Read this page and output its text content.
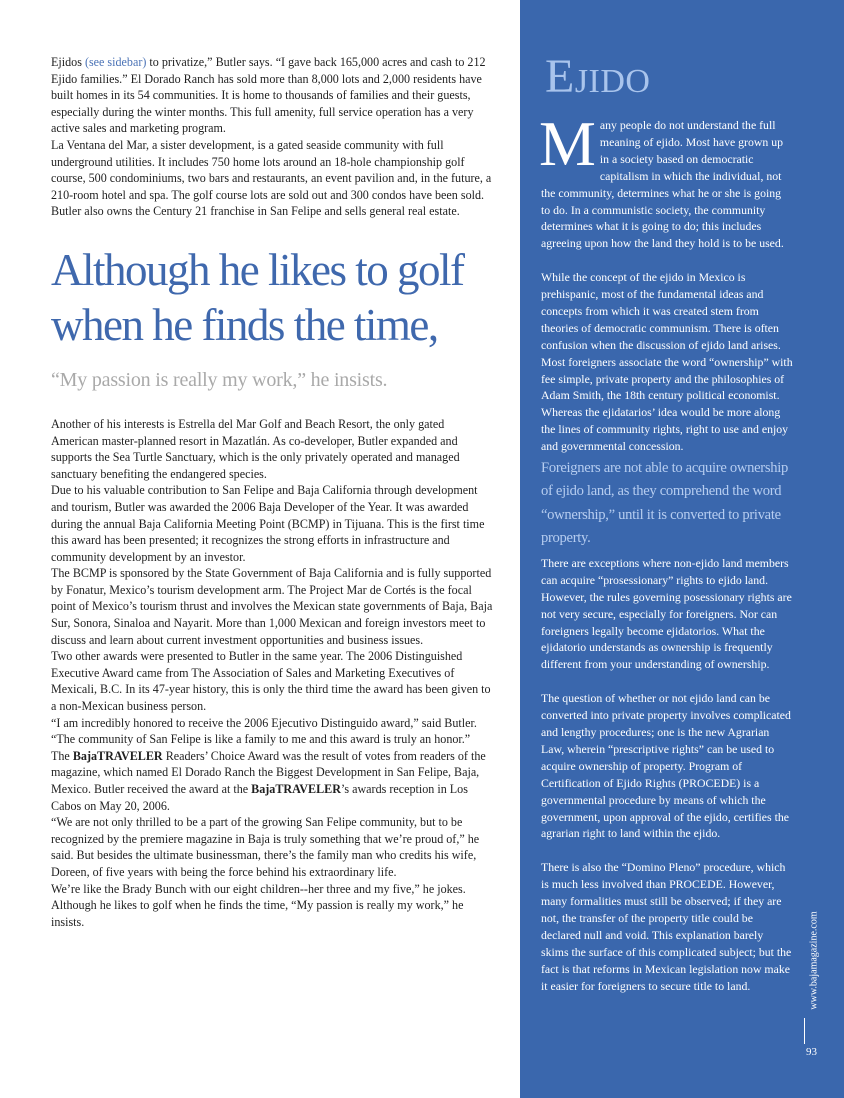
Ejidos (see sidebar) to privatize,” Butler says. “I gave back 165,000 acres and cash to 212 Ejido families.” El Dorado Ranch has sold more than 8,000 lots and 2,000 residents have built homes in its 54 communities. It is home to thousands of families and their guests, especially during the winter months. This full amenity, full service operation has a very active sales and marketing program.

La Ventana del Mar, a sister development, is a gated seaside community with full underground utilities. It includes 750 home lots around an 18-hole championship golf course, 500 condominiums, two bars and restaurants, an event pavilion and, in the future, a 210-room hotel and spa. The golf course lots are sold out and 300 condos have been sold. Butler also owns the Century 21 franchise in San Felipe and sells general real estate.

Although he likes to golf when he finds the time,
“My passion is really my work,” he insists.

Another of his interests is Estrella del Mar Golf and Beach Resort, the only gated American master-planned resort in Mazatlán. As co-developer, Butler expanded and supports the Sea Turtle Sanctuary, which is the only privately operated and managed sanctuary benefiting the endangered species.

Due to his valuable contribution to San Felipe and Baja California through development and tourism, Butler was awarded the 2006 Baja Developer of the Year. It was awarded during the annual Baja California Meeting Point (BCMP) in Tijuana. This is the first time this award has been presented; it recognizes the strong efforts in infrastructure and community development by an investor.

The BCMP is sponsored by the State Government of Baja California and is fully supported by Fonatur, Mexico’s tourism development arm. The Project Mar de Cortés is the focal point of Mexico’s tourism thrust and involves the Mexican state governments of Baja, Baja Sur, Sonora, Sinaloa and Nayarit. More than 1,000 Mexican and foreign investors meet to discuss and learn about current investment opportunities and business issues.

Two other awards were presented to Butler in the same year. The 2006 Distinguished Executive Award came from The Association of Sales and Marketing Executives of Mexicali, B.C. In its 47-year history, this is only the third time the award has been given to a non-Mexican business person.

“I am incredibly honored to receive the 2006 Ejecutivo Distinguido award,” said Butler. “The community of San Felipe is like a family to me and this award is truly an honor.”

The BajaTRAVELER Readers’ Choice Award was the result of votes from readers of the magazine, which named El Dorado Ranch the Biggest Development in San Felipe, Baja, Mexico. Butler received the award at the BajaTRAVELER’s awards reception in Los Cabos on May 20, 2006.

“We are not only thrilled to be a part of the growing San Felipe community, but to be recognized by the premiere magazine in Baja is truly something that we’re proud of,” he said. But besides the ultimate businessman, there’s the family man who credits his wife, Doreen, of five years with being the force behind his extraordinary life.

We’re like the Brady Bunch with our eight children--her three and my five,” he jokes. Although he likes to golf when he finds the time, “My passion is really my work,” he insists.

Ejido

Many people do not understand the full meaning of ejido. Most have grown up in a society based on democratic capitalism in which the individual, not the community, determines what he or she is going to do. In a communistic society, the community determines what it is going to do; this includes agreeing upon how the land they hold is to be used.

While the concept of the ejido in Mexico is prehispanic, most of the fundamental ideas and concepts from which it was created stem from theories of democratic communism. There is often confusion when the discussion of ejido land arises. Most foreigners associate the word “ownership” with fee simple, private property and the philosophies of Adam Smith, the 18th century political economist. Whereas the ejidatarios’ idea would be more along the lines of community rights, right to use and enjoy and governmental concession.

Foreigners are not able to acquire ownership of ejido land, as they comprehend the word “ownership,” until it is converted to private property.

There are exceptions where non-ejido land members can acquire “prosessionary” rights to ejido land. However, the rules governing posessionary rights are not very secure, especially for foreigners. Nor can foreigners legally become ejidatorios. What the ejidatorio understands as ownership is frequently different from your understanding of ownership.

The question of whether or not ejido land can be converted into private property involves complicated and lengthy procedures; one is the new Agrarian Law, wherein “prescriptive rights” can be used to acquire ownership of property. Program of Certification of Ejido Rights (PROCEDE) is a governmental procedure by means of which the government, upon approval of the ejido, certifies the agrarian right to land within the ejido.

There is also the “Domino Pleno” procedure, which is much less involved than PROCEDE. However, many formalities must still be observed; if they are not, the transfer of the property title could be declared null and void. This explanation barely skims the surface of this complicated subject; but the fact is that reforms in Mexican legislation now make it easier for foreigners to secure title to land.	www.bajamagazine.com
93
